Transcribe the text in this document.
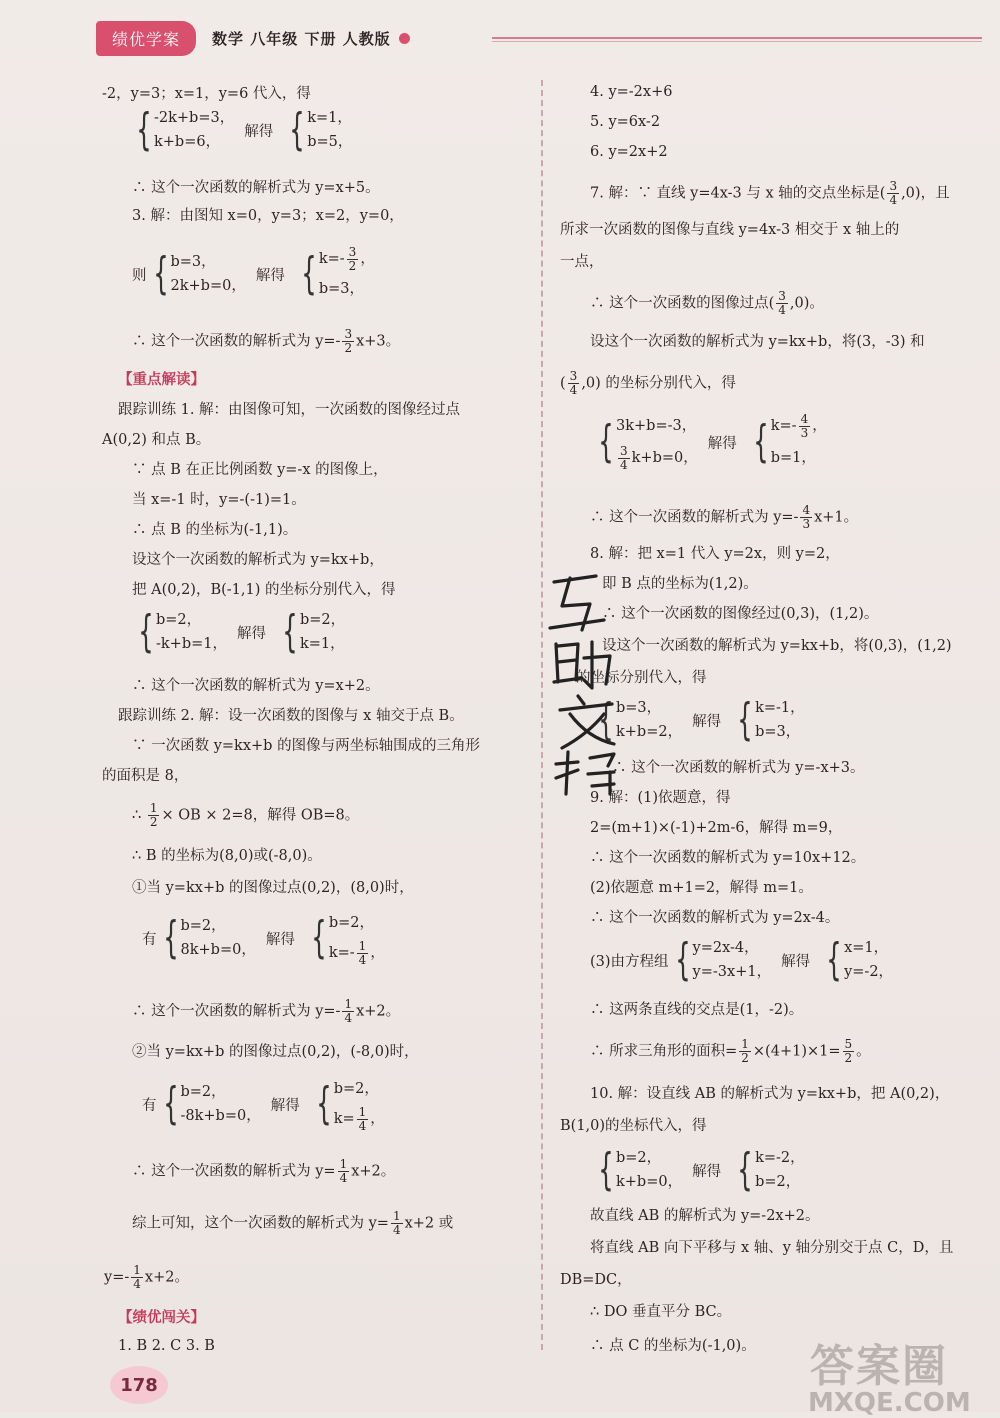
绩优学案	数学 八年级 下册 人教版
-2，y=3；x=1，y=6 代入，得
{ -2k+b=3，
k+b=6，
解得 { k=1，
b=5，
∴ 这个一次函数的解析式为 y=x+5。
3. 解：由图知 x=0，y=3；x=2，y=0，
则 { b=3，
2k+b=0，
解得 { $k=- \frac{3}{2}$ ，
b=3，
∴ 这个一次函数的解析式为 $y=- \frac{3}{2} x+3$。
【重点解读】
跟踪训练 1. 解：由图像可知，一次函数的图像经过点
A(0,2) 和点 B。
∵ 点 B 在正比例函数 y=-x 的图像上，
当 x=-1 时，y=-(-1)=1。
∴ 点 B 的坐标为(-1,1)。
设这个一次函数的解析式为 y=kx+b，
把 A(0,2)，B(-1,1) 的坐标分别代入，得
{ b=2，
-k+b=1，
解得 { b=2，
k=1，
∴ 这个一次函数的解析式为 y=x+2。
跟踪训练 2. 解：设一次函数的图像与 x 轴交于点 B。
∵ 一次函数 y=kx+b 的图像与两坐标轴围成的三角形
的面积是 8，
∴ $\frac{1}{2}$ × OB × 2=8，解得 OB=8。
∴ B 的坐标为(8,0)或(-8,0)。
①当 y=kx+b 的图像过点(0,2)，(8,0)时，
有 { b=2，
8k+b=0，
解得 { b=2，
$k=- \frac{1}{4}$ ，
∴ 这个一次函数的解析式为 $y=- \frac{1}{4} x+2$。
②当 y=kx+b 的图像过点(0,2)，(-8,0)时，
有 { b=2，
-8k+b=0，
解得 { b=2，
$k= \frac{1}{4}$ ，
∴ 这个一次函数的解析式为 $y= \frac{1}{4} x+2$。
综上可知，这个一次函数的解析式为 $y= \frac{1}{4} x+2$ 或
$y=- \frac{1}{4} x+2$。
【绩优闯关】
1. B 2. C 3. B
4. y=-2x+6
5. y=6x-2
6. y=2x+2
7. 解：∵ 直线 y=4x-3 与 x 轴的交点坐标是( $\frac{3}{4} ,0$)，且
所求一次函数的图像与直线 y=4x-3 相交于 x 轴上的
一点，
∴ 这个一次函数的图像过点( $\frac{3}{4} ,0$)。
设这个一次函数的解析式为 y=kx+b，将(3，-3) 和
( $\frac{3}{4} ,0$) 的坐标分别代入，得
{ 3k+b=-3，
$\frac{3}{4} k+b=0$，
解得 { $k=- \frac{4}{3}$ ，
b=1，
∴ 这个一次函数的解析式为 $y=- \frac{4}{3} x+1$。
8. 解：把 x=1 代入 y=2x，则 y=2，
即 B 点的坐标为(1,2)。
∴ 这个一次函数的图像经过(0,3)，(1,2)。
设这个一次函数的解析式为 y=kx+b，将(0,3)，(1,2)
的坐标分别代入，得
{ b=3，
k+b=2，
解得 { k=-1，
b=3，
∴ 这个一次函数的解析式为 y=-x+3。
9. 解：(1)依题意，得
2=(m+1)×(-1)+2m-6，解得 m=9，
∴ 这个一次函数的解析式为 y=10x+12。
(2)依题意 m+1=2，解得 m=1。
∴ 这个一次函数的解析式为 y=2x-4。
(3)由方程组 { y=2x-4，
y=-3x+1，
解得 { x=1，
y=-2，
∴ 这两条直线的交点是(1，-2)。
∴ 所求三角形的面积= $\frac{1}{2} \times(4+1)\times 1= \frac{5}{2}$ 。
10. 解：设直线 AB 的解析式为 y=kx+b，把 A(0,2)，
B(1,0)的坐标代入，得
{ b=2，
k+b=0，
解得 { k=-2，
b=2，
故直线 AB 的解析式为 y=-2x+2。
将直线 AB 向下平移与 x 轴、y 轴分别交于点 C，D，且
DB=DC，
∴ DO 垂直平分 BC。
∴ 点 C 的坐标为(-1,0)。
178	答案圈
MXQE.COM
